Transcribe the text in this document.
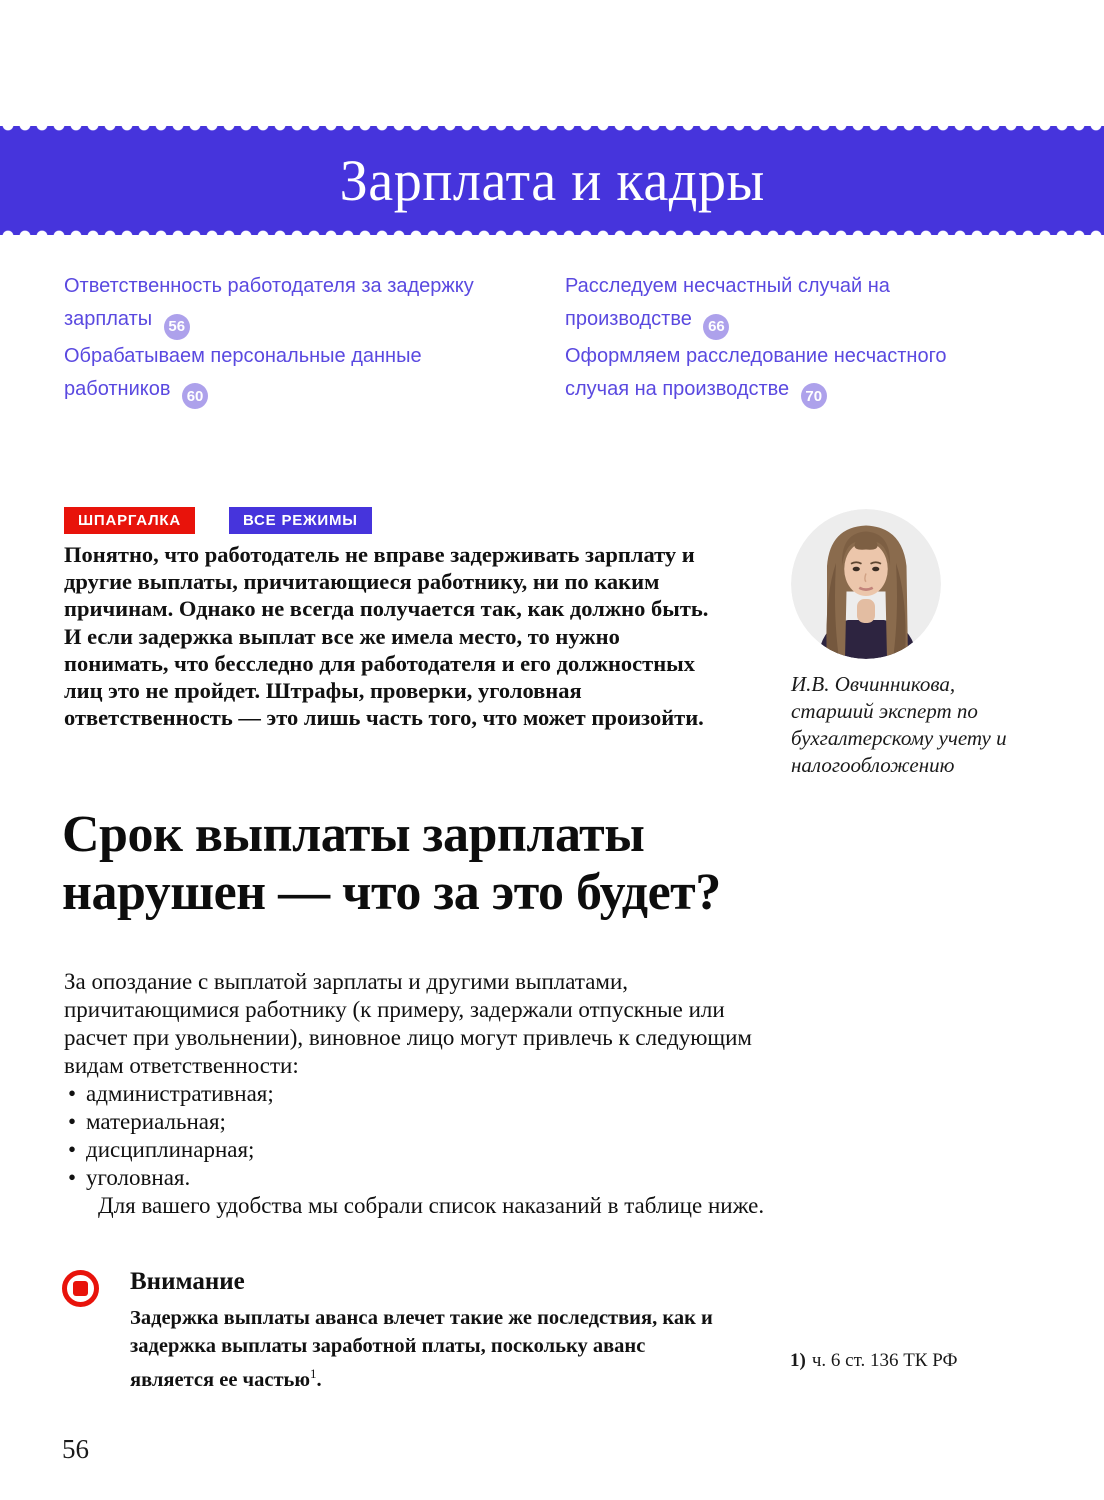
Зарплата и кадры
Ответственность работодателя за задержку зарплаты 56
Обрабатываем персональные данные работников 60
Расследуем несчастный случай на производстве 66
Оформляем расследование несчастного случая на производстве 70
ШПАРГАЛКА	ВСЕ РЕЖИМЫ

Понятно, что работодатель не вправе задерживать зарплату и другие выплаты, причитающиеся работнику, ни по каким причинам. Однако не всегда получается так, как должно быть. И если задержка выплат все же имела место, то нужно понимать, что бесследно для работодателя и его должностных лиц это не пройдет. Штрафы, проверки, уголовная ответственность — это лишь часть того, что может произойти.

И.В. Овчинникова,
старший эксперт по бухгалтерскому учету и налогообложению
Срок выплаты зарплаты
нарушен — что за это будет?

За опоздание с выплатой зарплаты и другими выплатами, причитающимися работнику (к примеру, задержали отпускные или расчет при увольнении), виновное лицо могут привлечь к следующим видам ответственности:

• административная;
• материальная;
• дисциплинарная;
• уголовная.

Для вашего удобства мы собрали список наказаний в таблице ниже.

Внимание

Задержка выплаты аванса влечет такие же последствия, как и задержка выплаты заработной платы, поскольку аванс является ее частью$^1$.

1) ч. 6 ст. 136 ТК РФ
56
